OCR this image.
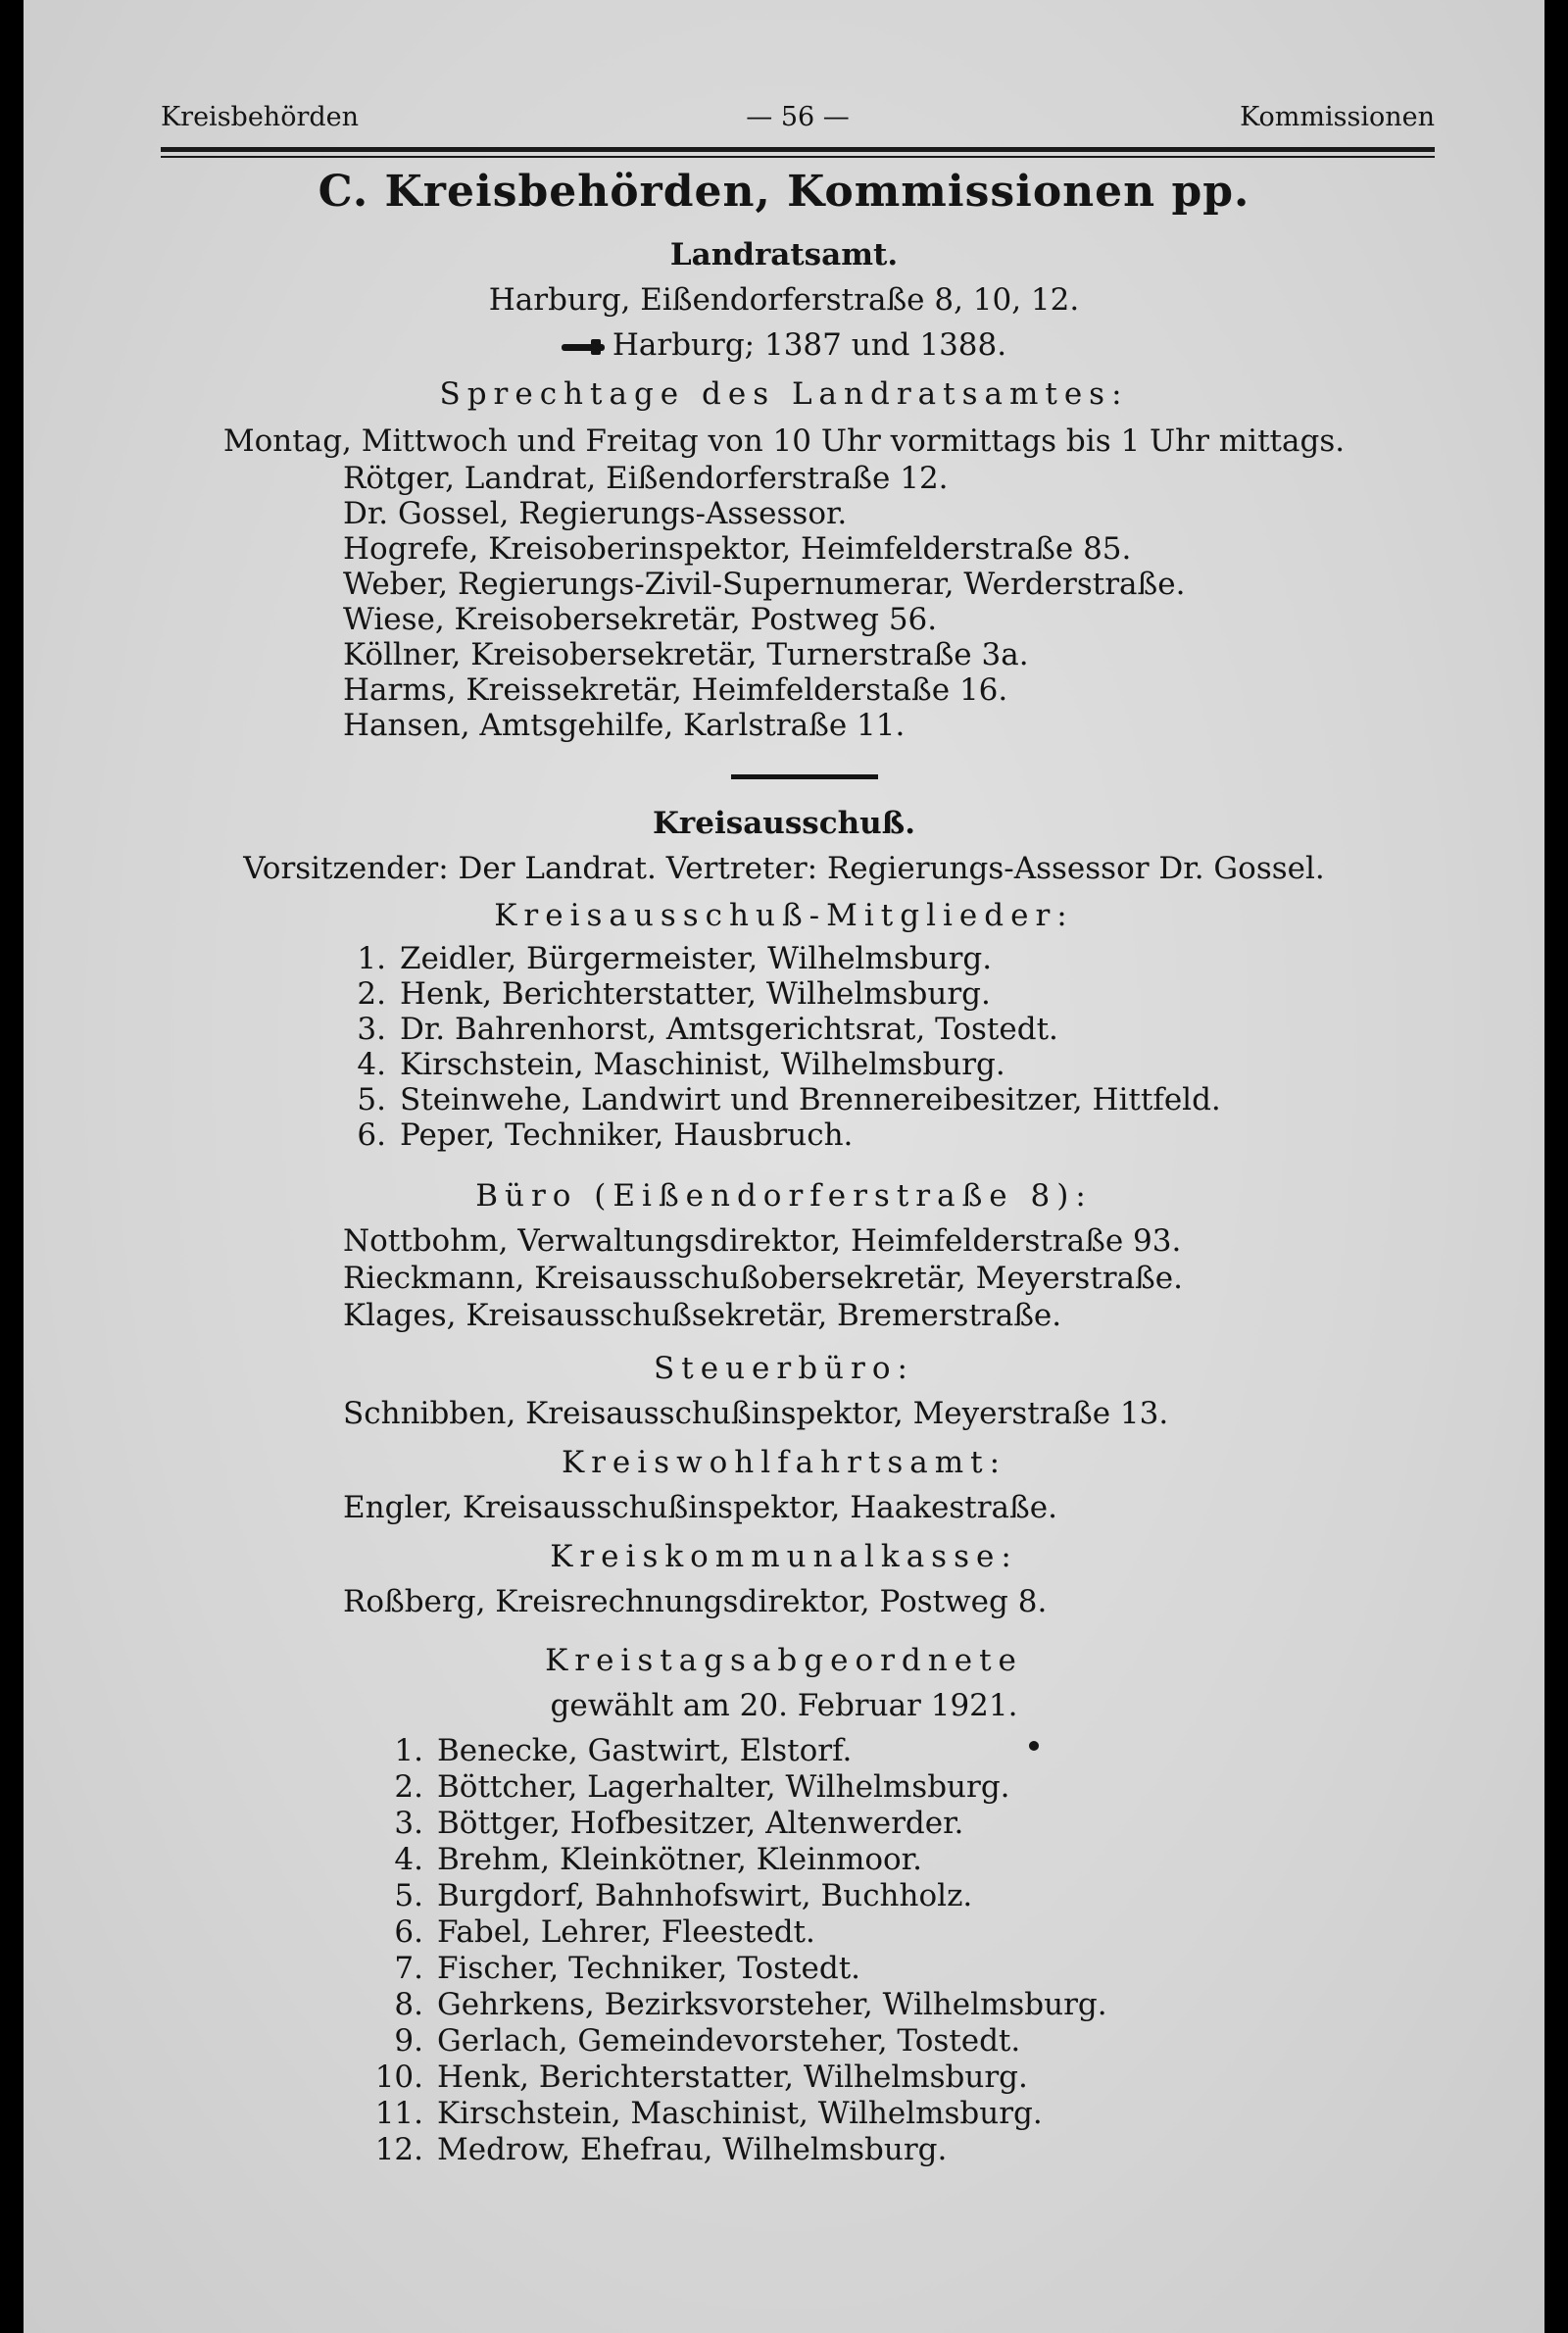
Kreisbehörden	— 56 —	Kommissionen
C. Kreisbehörden, Kommissionen pp.
Landratsamt.
Harburg, Eißendorferstraße 8, 10, 12.
Harburg; 1387 und 1388.
Sprechtage des Landratsamtes:
Montag, Mittwoch und Freitag von 10 Uhr vormittags bis 1 Uhr mittags.
Rötger, Landrat, Eißendorferstraße 12.
Dr. Gossel, Regierungs-Assessor.
Hogrefe, Kreisoberinspektor, Heimfelderstraße 85.
Weber, Regierungs-Zivil-Supernumerar, Werderstraße.
Wiese, Kreisobersekretär, Postweg 56.
Köllner, Kreisobersekretär, Turnerstraße 3a.
Harms, Kreissekretär, Heimfelderstaße 16.
Hansen, Amtsgehilfe, Karlstraße 11.
Kreisausschuß.
Vorsitzender: Der Landrat. Vertreter: Regierungs-Assessor Dr. Gossel.
Kreisausschuß-Mitglieder:
1. Zeidler, Bürgermeister, Wilhelmsburg.
2. Henk, Berichterstatter, Wilhelmsburg.
3. Dr. Bahrenhorst, Amtsgerichtsrat, Tostedt.
4. Kirschstein, Maschinist, Wilhelmsburg.
5. Steinwehe, Landwirt und Brennereibesitzer, Hittfeld.
6. Peper, Techniker, Hausbruch.
Büro (Eißendorferstraße 8):
Nottbohm, Verwaltungsdirektor, Heimfelderstraße 93.
Rieckmann, Kreisausschußobersekretär, Meyerstraße.
Klages, Kreisausschußsekretär, Bremerstraße.
Steuerbüro:
Schnibben, Kreisausschußinspektor, Meyerstraße 13.
Kreiswohlfahrtsamt:
Engler, Kreisausschußinspektor, Haakestraße.
Kreiskommunalkasse:
Roßberg, Kreisrechnungsdirektor, Postweg 8.
Kreistagsabgeordnete
gewählt am 20. Februar 1921.
1. Benecke, Gastwirt, Elstorf.
2. Böttcher, Lagerhalter, Wilhelmsburg.
3. Böttger, Hofbesitzer, Altenwerder.
4. Brehm, Kleinkötner, Kleinmoor.
5. Burgdorf, Bahnhofswirt, Buchholz.
6. Fabel, Lehrer, Fleestedt.
7. Fischer, Techniker, Tostedt.
8. Gehrkens, Bezirksvorsteher, Wilhelmsburg.
9. Gerlach, Gemeindevorsteher, Tostedt.
10. Henk, Berichterstatter, Wilhelmsburg.
11. Kirschstein, Maschinist, Wilhelmsburg.
12. Medrow, Ehefrau, Wilhelmsburg.
